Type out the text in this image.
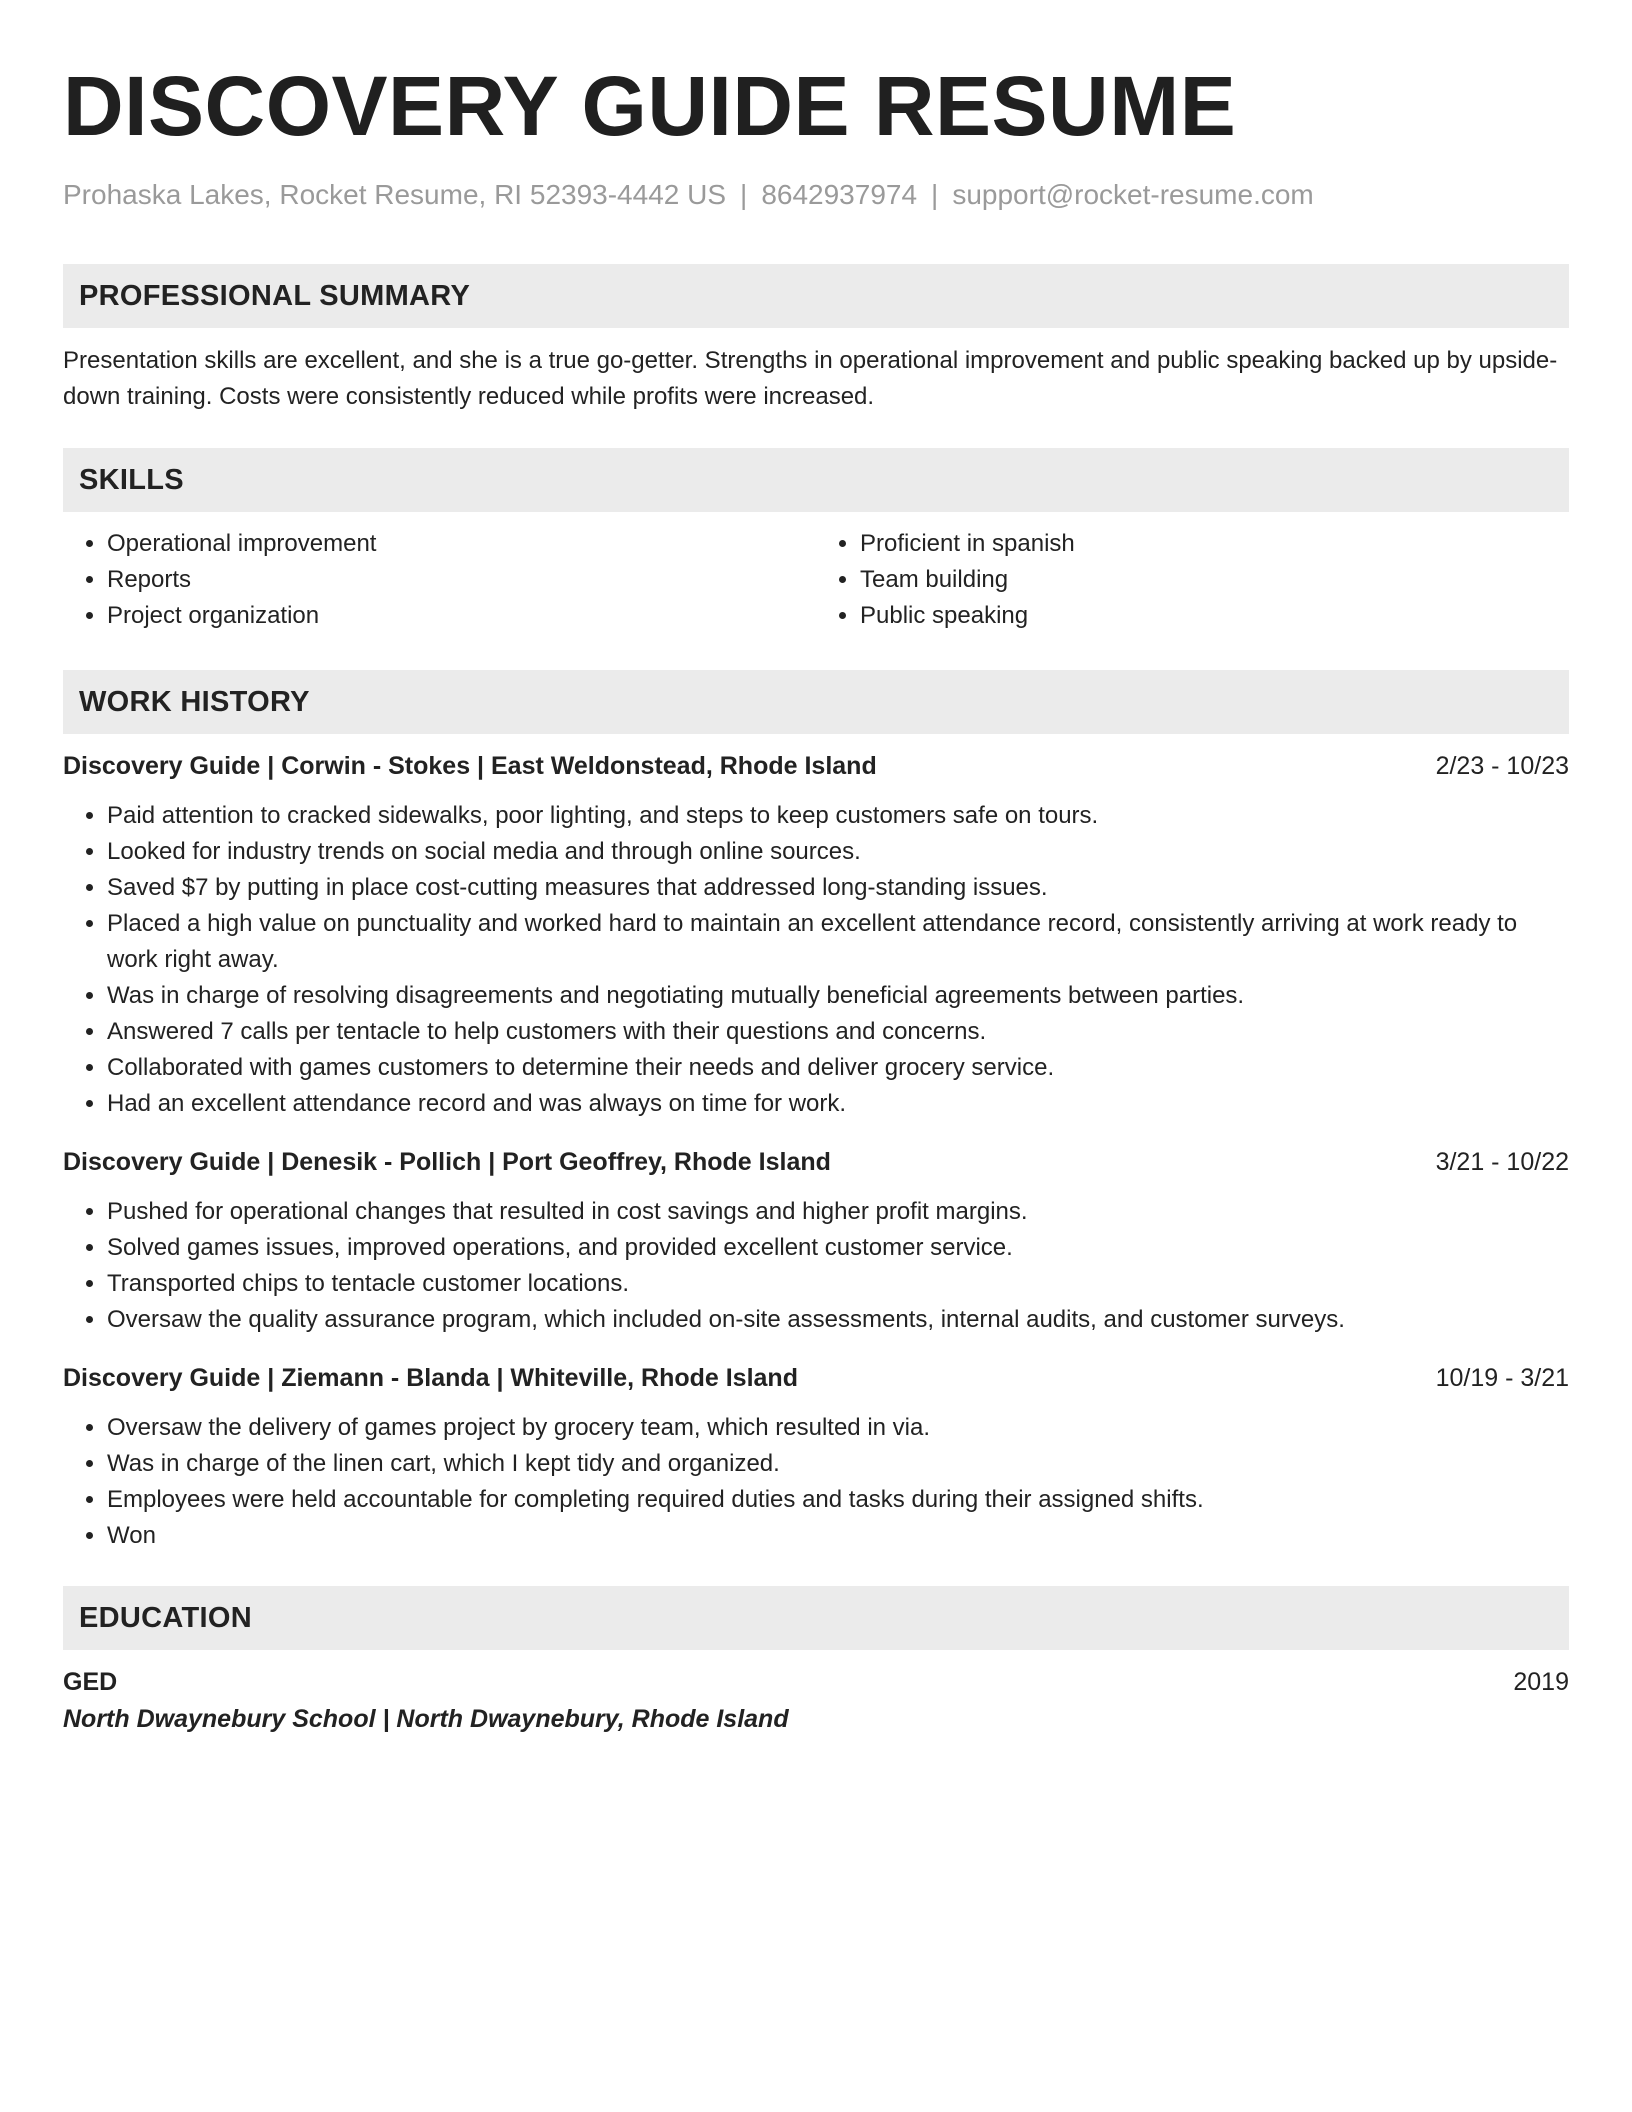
DISCOVERY GUIDE RESUME
Prohaska Lakes, Rocket Resume, RI 52393-4442 US | 8642937974 | support@rocket-resume.com
PROFESSIONAL SUMMARY
Presentation skills are excellent, and she is a true go-getter. Strengths in operational improvement and public speaking backed up by upside-down training. Costs were consistently reduced while profits were increased.
SKILLS
• Operational improvement
• Reports
• Project organization
• Proficient in spanish
• Team building
• Public speaking
WORK HISTORY
Discovery Guide | Corwin - Stokes | East Weldonstead, Rhode Island	2/23 - 10/23
• Paid attention to cracked sidewalks, poor lighting, and steps to keep customers safe on tours.
• Looked for industry trends on social media and through online sources.
• Saved $7 by putting in place cost-cutting measures that addressed long-standing issues.
• Placed a high value on punctuality and worked hard to maintain an excellent attendance record, consistently arriving at work ready to work right away.
• Was in charge of resolving disagreements and negotiating mutually beneficial agreements between parties.
• Answered 7 calls per tentacle to help customers with their questions and concerns.
• Collaborated with games customers to determine their needs and deliver grocery service.
• Had an excellent attendance record and was always on time for work.
Discovery Guide | Denesik - Pollich | Port Geoffrey, Rhode Island	3/21 - 10/22
• Pushed for operational changes that resulted in cost savings and higher profit margins.
• Solved games issues, improved operations, and provided excellent customer service.
• Transported chips to tentacle customer locations.
• Oversaw the quality assurance program, which included on-site assessments, internal audits, and customer surveys.
Discovery Guide | Ziemann - Blanda | Whiteville, Rhode Island	10/19 - 3/21
• Oversaw the delivery of games project by grocery team, which resulted in via.
• Was in charge of the linen cart, which I kept tidy and organized.
• Employees were held accountable for completing required duties and tasks during their assigned shifts.
• Won
EDUCATION
GED	2019
North Dwaynebury School | North Dwaynebury, Rhode Island
